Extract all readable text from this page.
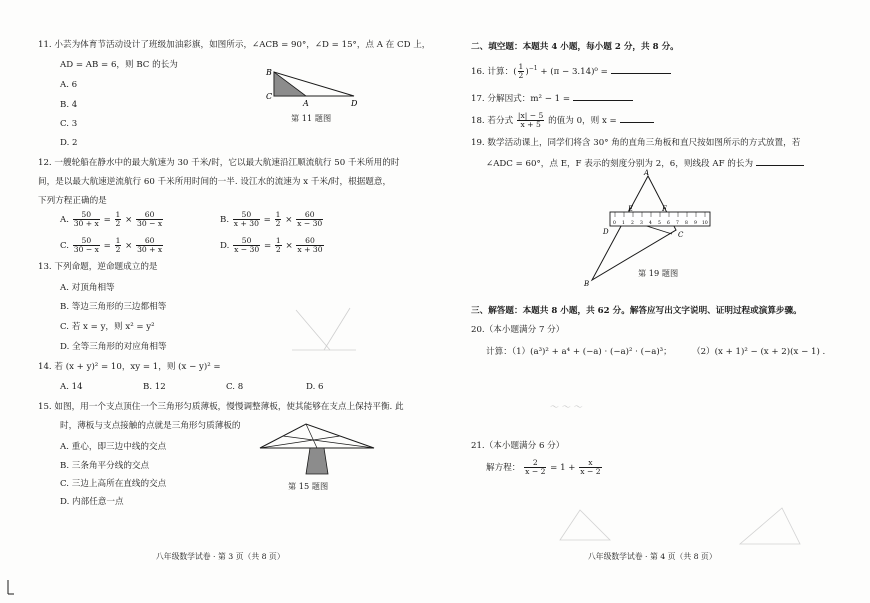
11. 小芸为体育节活动设计了班级加油彩旗，如图所示，∠ACB = 90°，∠D = 15°，点 A 在 CD 上，
AD = AB = 6，则 BC 的长为
A. 6
B. 4
C. 3
D. 2
B
C
A	D
第 11 题图
12. 一艘轮船在静水中的最大航速为 30 千米/时，它以最大航速沿江顺流航行 50 千米所用的时
间，是以最大航速逆流航行 60 千米所用时间的一半. 设江水的流速为 x 千米/时，根据题意，
下列方程正确的是
A. $\frac{50}{30 + x} = \frac{1}{2} \times \frac{60}{30 - x}$	B. $\frac{50}{x + 30} = \frac{1}{2} \times \frac{60}{x - 30}$
C. $\frac{50}{30 - x} = \frac{1}{2} \times \frac{60}{30 + x}$	D. $\frac{50}{x - 30} = \frac{1}{2} \times \frac{60}{x + 30}$
13. 下列命题，逆命题成立的是
A. 对顶角相等
B. 等边三角形的三边都相等
C. 若 x = y，则 x² = y²
D. 全等三角形的对应角相等
14. 若 (x + y)² = 10，xy = 1，则 (x − y)² =
A. 14	B. 12	C. 8	D. 6
15. 如图，用一个支点顶住一个三角形匀质薄板，慢慢调整薄板，使其能够在支点上保持平衡. 此
时，薄板与支点接触的点就是三角形匀质薄板的
A. 重心，即三边中线的交点
B. 三条角平分线的交点
C. 三边上高所在直线的交点
D. 内部任意一点
第 15 题图
八年级数学试卷 · 第 3 页（共 8 页）
二、填空题：本题共 4 小题，每小题 2 分，共 8 分。
16. 计算：( $\frac{1}{2} )^{-1} + (\pi - 3.14)^0$ =
17. 分解因式：m² − 1 =
18. 若分式 $\frac{|x| - 5}{x + 5}$ 的值为 0，则 x =
19. 数学活动课上，同学们将含 30° 角的直角三角板和直尺按如图所示的方式放置，若
∠ADC = 60°，点 E，F 表示的刻度分别为 2，6，则线段 AF 的长为
0 1 2 3 4 5 6 7 8 9 10
A
E	F
D	C
B
第 19 题图
三、解答题：本题共 8 小题，共 62 分。解答应写出文字说明、证明过程或演算步骤。
20.（本小题满分 7 分）
计算：（1）(a³)² + a⁴ + (−a) · (−a)² · (−a)³； （2）(x + 1)² − (x + 2)(x − 1) .
〜 〜 〜
21.（本小题满分 6 分）
解方程： $\frac{2}{x - 2} = 1 + \frac{x}{x - 2}$
八年级数学试卷 · 第 4 页（共 8 页）
